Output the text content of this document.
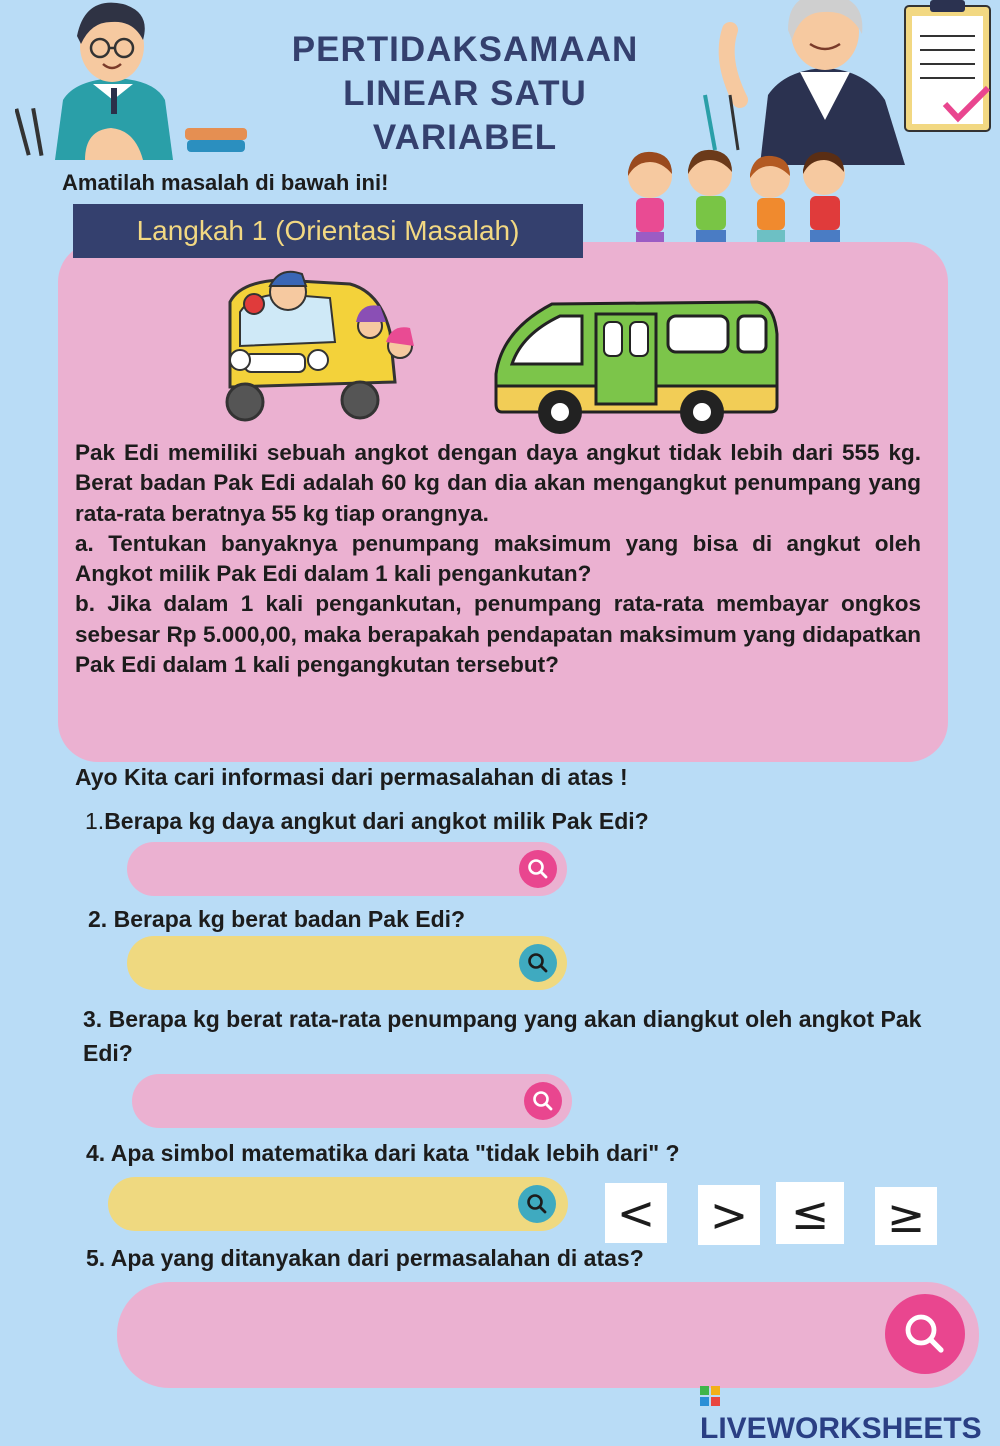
PERTIDAKSAMAAN
LINEAR SATU
VARIABEL
Amatilah masalah di bawah ini!
Langkah 1 (Orientasi Masalah)

Pak Edi memiliki sebuah angkot dengan daya angkut tidak lebih dari 555 kg. Berat badan Pak Edi adalah 60 kg dan dia akan mengangkut penumpang yang rata-rata beratnya 55 kg tiap orangnya.

a. Tentukan banyaknya penumpang maksimum yang bisa di angkut oleh Angkot milik Pak Edi dalam 1 kali pengankutan?

b. Jika dalam 1 kali pengankutan, penumpang rata-rata membayar ongkos sebesar Rp 5.000,00, maka berapakah pendapatan maksimum yang didapatkan Pak Edi dalam 1 kali pengangkutan tersebut?

Ayo Kita cari informasi dari permasalahan di atas !
1.Berapa kg daya angkut dari angkot milik Pak Edi?
2. Berapa kg berat badan Pak Edi?
3. Berapa kg berat rata-rata penumpang yang akan diangkut oleh angkot Pak Edi?
4. Apa simbol matematika dari kata "tidak lebih dari" ?
< > ≤	≥
5. Apa yang ditanyakan dari permasalahan di atas?
LIVEWORKSHEETS
